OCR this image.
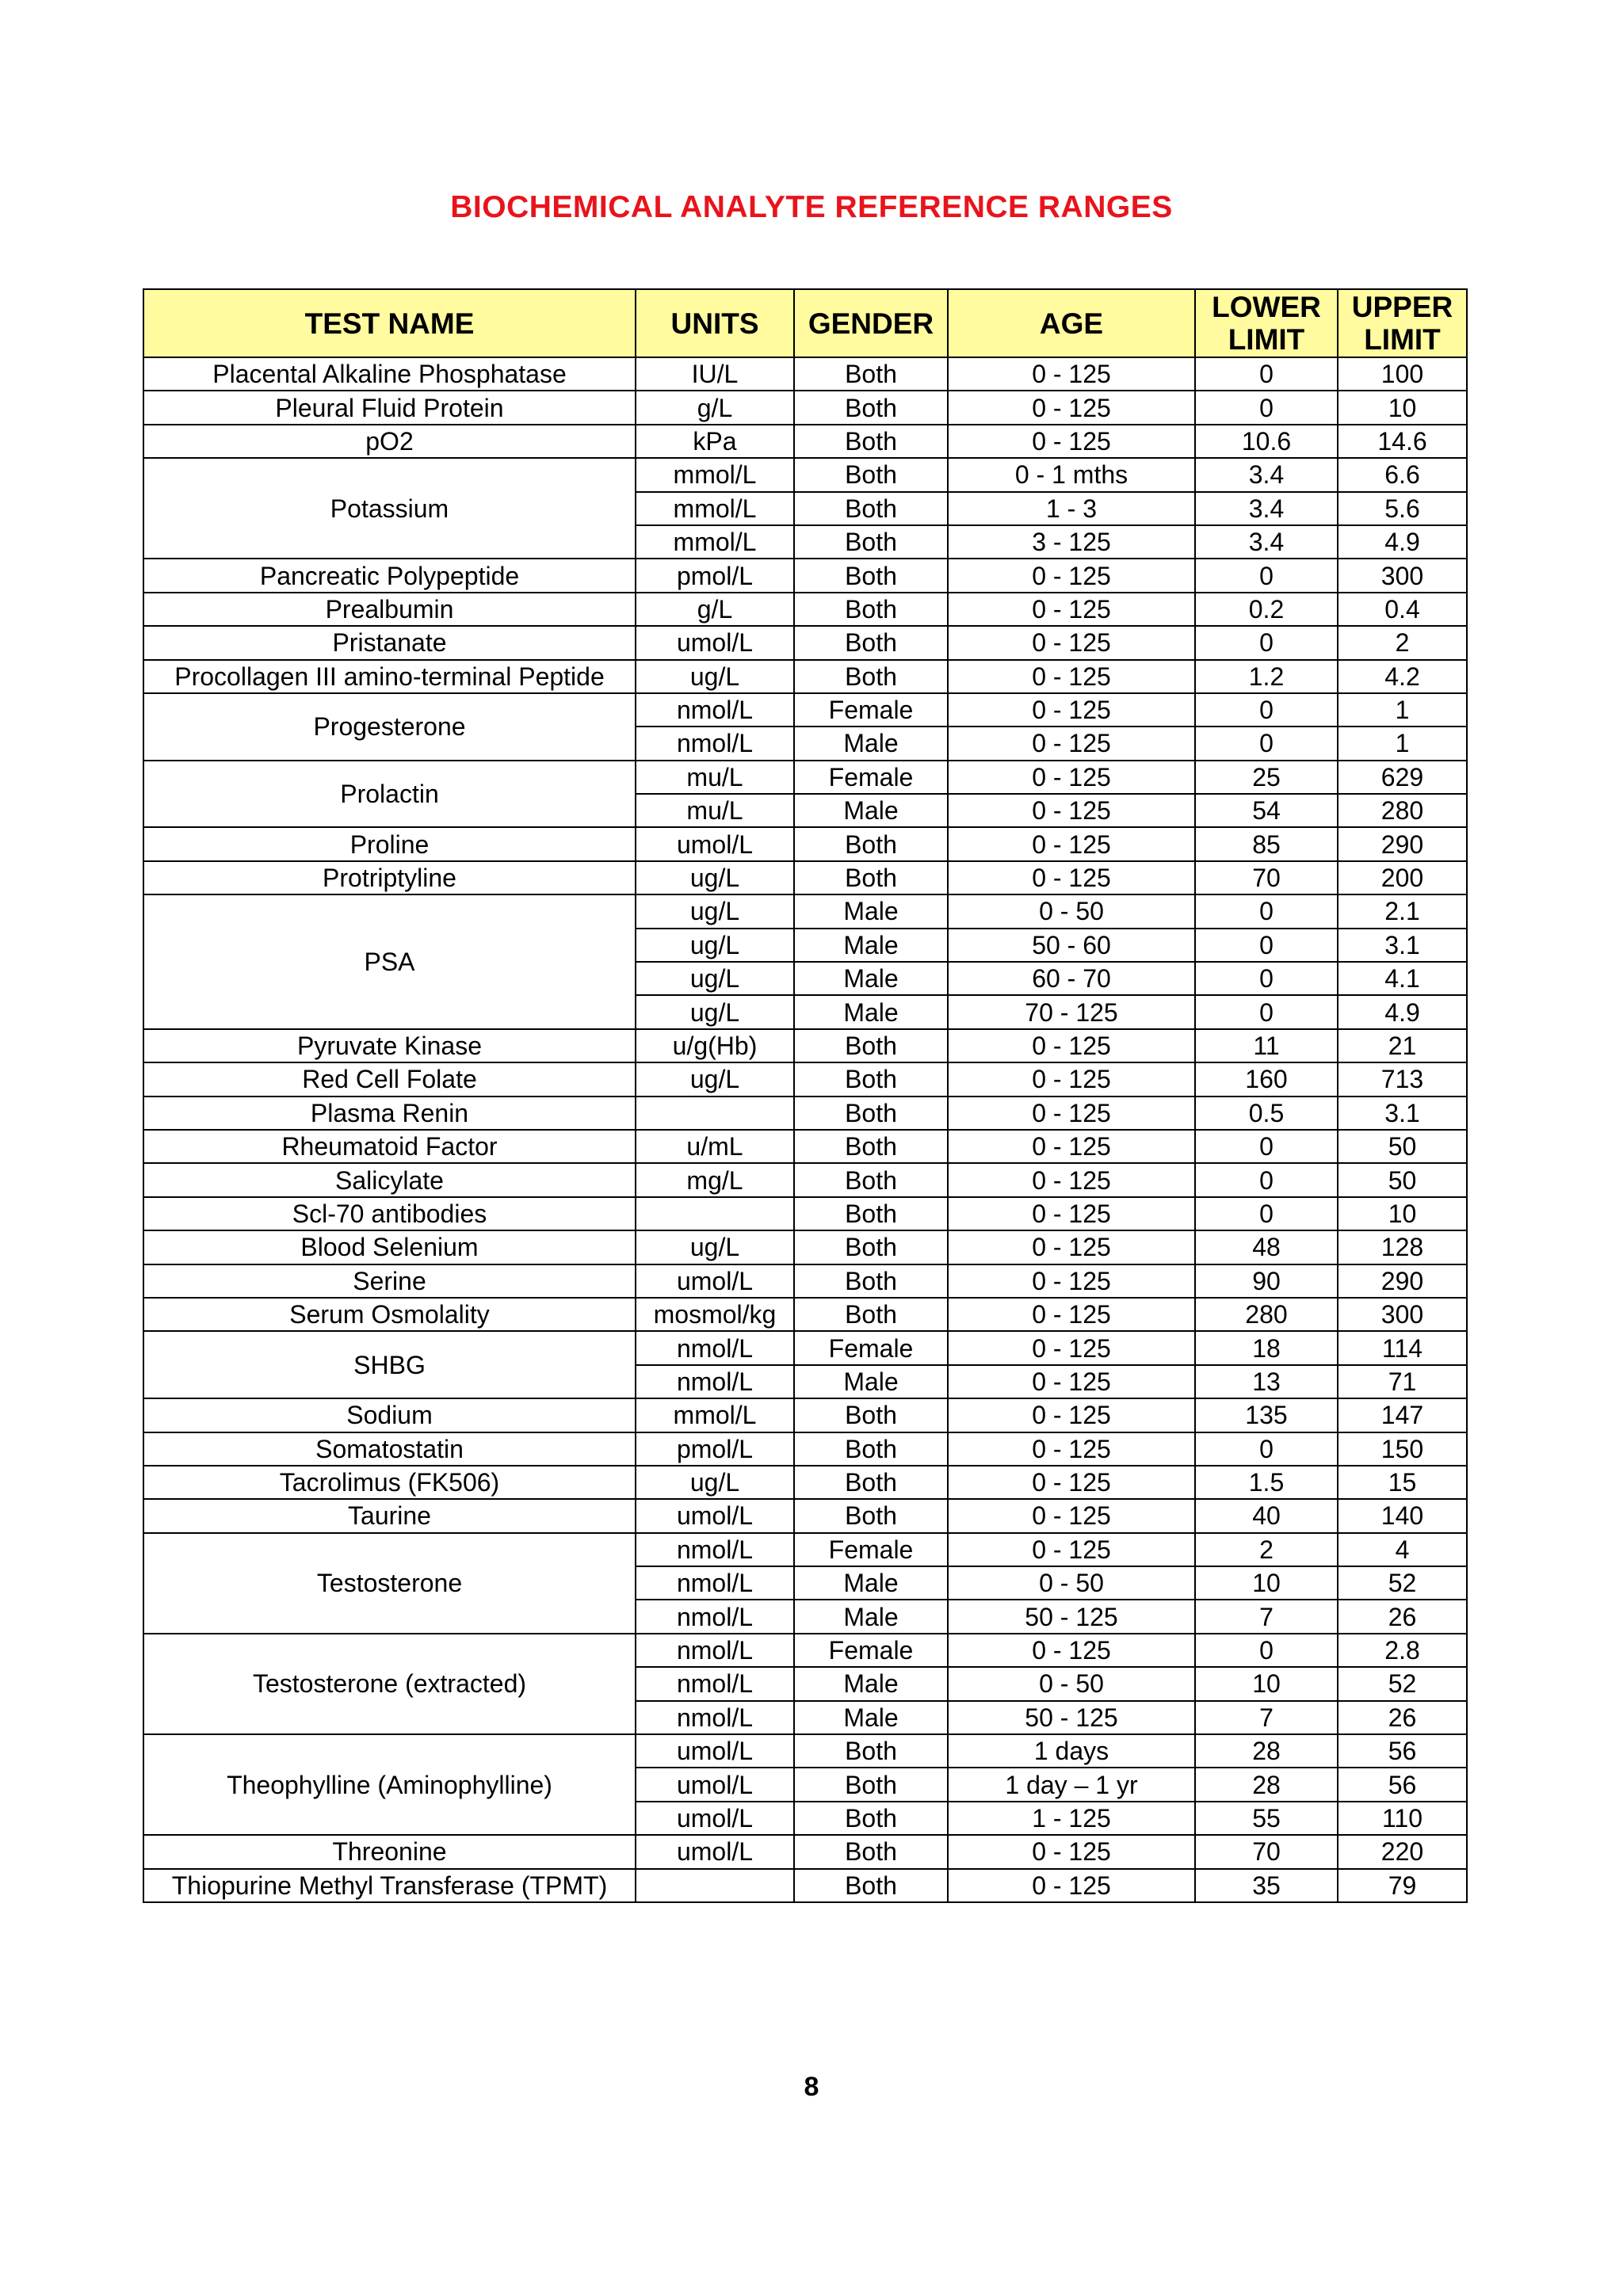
BIOCHEMICAL ANALYTE REFERENCE RANGES
TEST NAME	UNITS	GENDER	AGE	LOWER LIMIT	UPPER LIMIT
Placental Alkaline Phosphatase	IU/L	Both	0 - 125	0	100
Pleural Fluid Protein	g/L	Both	0 - 125	0	10
pO2	kPa	Both	0 - 125	10.6	14.6
Potassium	mmol/L	Both	0 - 1 mths	3.4	6.6
	mmol/L	Both	1 - 3	3.4	5.6
	mmol/L	Both	3 - 125	3.4	4.9
Pancreatic Polypeptide	pmol/L	Both	0 - 125	0	300
Prealbumin	g/L	Both	0 - 125	0.2	0.4
Pristanate	umol/L	Both	0 - 125	0	2
Procollagen III amino-terminal Peptide	ug/L	Both	0 - 125	1.2	4.2
Progesterone	nmol/L	Female	0 - 125	0	1
	nmol/L	Male	0 - 125	0	1
Prolactin	mu/L	Female	0 - 125	25	629
	mu/L	Male	0 - 125	54	280
Proline	umol/L	Both	0 - 125	85	290
Protriptyline	ug/L	Both	0 - 125	70	200
PSA	ug/L	Male	0 - 50	0	2.1
	ug/L	Male	50 - 60	0	3.1
	ug/L	Male	60 - 70	0	4.1
	ug/L	Male	70 - 125	0	4.9
Pyruvate Kinase	u/g(Hb)	Both	0 - 125	11	21
Red Cell Folate	ug/L	Both	0 - 125	160	713
Plasma Renin		Both	0 - 125	0.5	3.1
Rheumatoid Factor	u/mL	Both	0 - 125	0	50
Salicylate	mg/L	Both	0 - 125	0	50
Scl-70 antibodies		Both	0 - 125	0	10
Blood Selenium	ug/L	Both	0 - 125	48	128
Serine	umol/L	Both	0 - 125	90	290
Serum Osmolality	mosmol/kg	Both	0 - 125	280	300
SHBG	nmol/L	Female	0 - 125	18	114
	nmol/L	Male	0 - 125	13	71
Sodium	mmol/L	Both	0 - 125	135	147
Somatostatin	pmol/L	Both	0 - 125	0	150
Tacrolimus (FK506)	ug/L	Both	0 - 125	1.5	15
Taurine	umol/L	Both	0 - 125	40	140
Testosterone	nmol/L	Female	0 - 125	2	4
	nmol/L	Male	0 - 50	10	52
	nmol/L	Male	50 - 125	7	26
Testosterone (extracted)	nmol/L	Female	0 - 125	0	2.8
	nmol/L	Male	0 - 50	10	52
	nmol/L	Male	50 - 125	7	26
Theophylline (Aminophylline)	umol/L	Both	1 days	28	56
	umol/L	Both	1 day – 1 yr	28	56
	umol/L	Both	1 - 125	55	110
Threonine	umol/L	Both	0 - 125	70	220
Thiopurine Methyl Transferase (TPMT)		Both	0 - 125	35	79
8
